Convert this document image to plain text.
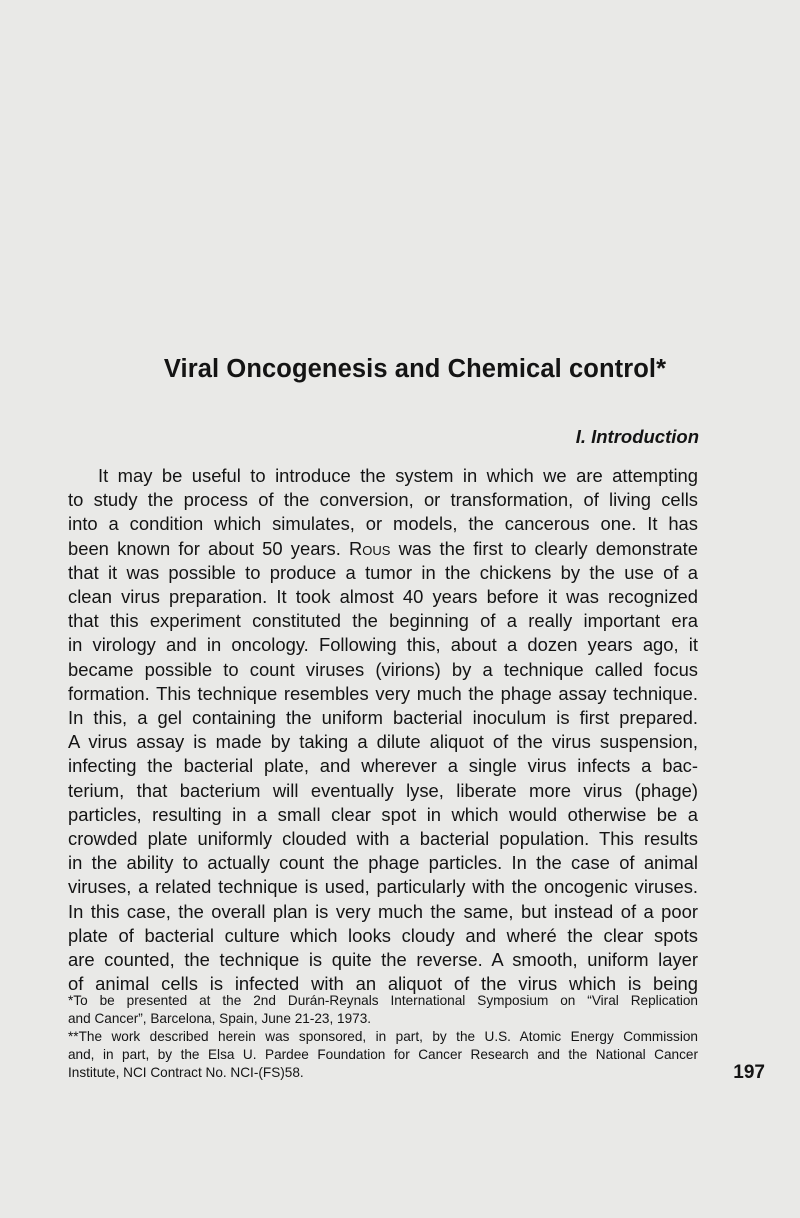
Viral Oncogenesis and Chemical control*
I. Introduction
It may be useful to introduce the system in which we are attempting
to study the process of the conversion, or transformation, of living cells
into a condition which simulates, or models, the cancerous one. It has
been known for about 50 years. Rous was the first to clearly demonstrate
that it was possible to produce a tumor in the chickens by the use of a
clean virus preparation. It took almost 40 years before it was recognized
that this experiment constituted the beginning of a really important era
in virology and in oncology. Following this, about a dozen years ago, it
became possible to count viruses (virions) by a technique called focus
formation. This technique resembles very much the phage assay technique.
In this, a gel containing the uniform bacterial inoculum is first prepared.
A virus assay is made by taking a dilute aliquot of the virus suspension,
infecting the bacterial plate, and wherever a single virus infects a bac-
terium, that bacterium will eventually lyse, liberate more virus (phage)
particles, resulting in a small clear spot in which would otherwise be a
crowded plate uniformly clouded with a bacterial population. This results
in the ability to actually count the phage particles. In the case of animal
viruses, a related technique is used, particularly with the oncogenic viruses.
In this case, the overall plan is very much the same, but instead of a poor
plate of bacterial culture which looks cloudy and wheré the clear spots
are counted, the technique is quite the reverse. A smooth, uniform layer
of animal cells is infected with an aliquot of the virus which is being
*To be presented at the 2nd Durán-Reynals International Symposium on “Viral Replication
and Cancer”, Barcelona, Spain, June 21-23, 1973.
**The work described herein was sponsored, in part, by the U.S. Atomic Energy Commission
and, in part, by the Elsa U. Pardee Foundation for Cancer Research and the National Cancer
Institute, NCI Contract No. NCI-(FS)58.	197
